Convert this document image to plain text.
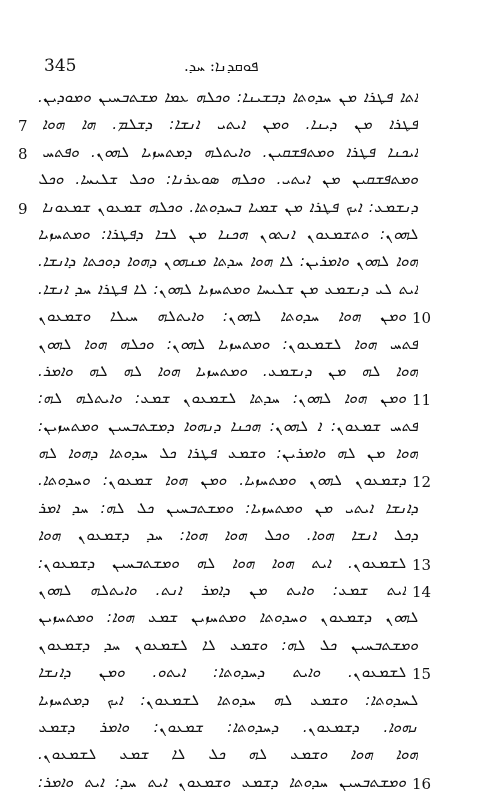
345	ܦܘܩܕܢܐ: ܚܕ.
ܐܬܐ ܦܛܪܐ ܡܢ ܚܕܘܬܐ ܕܒܫܝܢܐ: ܘܟܠܗ ܥܡܐ ܡܫܬܒܚܝܢ ܘܡܘܕܝܢ.
7 ܦܛܪܐ ܡܢ ܕܝܢܐ. ܘܡܢ ܐܝܬܝ ܐܢܫܐ: ܕܫܠܡ. ܗܐ ܗܘܐ
8 ܐܝܟܢܐ ܦܛܪܐ ܘܡܬܦܫܩܝܢ. ܘܐܝܬܠܗ ܕܡܬܚܙܝܐ ܠܗܘܢ. ܘܦܬܚ
ܘܡܬܦܫܩܝܢ ܡܢ ܐܝܬܝ. ܘܟܠܗ ܣܘܥܪܢܐ: ܘܟܠ ܫܠܝܚܐ. ܘܟܠ
9 ܕܢܫܡܥ: ܐܝܟ ܦܛܪܐ ܡܢ ܫܡܝܐ ܒܚܕܘܬܐ. ܘܟܠܗ ܫܡܥܘܢ ܫܡܥܘܢܐ
ܠܗܘܢ: ܘܬܫܡܥܘܢ ܐܢܬܘܢ ܗܟܢܐ ܡܢ ܠܒܐ ܕܦܛܪܐ: ܘܡܬܚܙܝܐ
ܗܘܐ ܠܗܘܢ ܘܐܡܪܝܢ: ܠܐ ܗܘܐ ܚܕܬܐ ܡܢܗܘܢ ܕܗܘܐ ܕܘܟܬܐ ܕܐܢܫܐ.
ܐܝܬ ܠܝ ܕܢܫܡܥ ܡܢ ܫܠܝܚܐ ܘܡܬܚܙܝܐ ܠܗܘܢ: ܠܐ ܦܛܪܐ ܚܕ ܐܢܫܐ.
10
ܘܡܢ ܗܘܐ ܚܕܘܬܐ ܠܗܘܢ: ܘܐܝܬܠܗ ܚܝܠܐ ܘܫܡܥܘܢ
ܦܬܚ ܗܘܐ ܠܫܡܥܘܢ: ܘܡܬܚܙܝܐ ܠܗܘܢ: ܘܟܠܗ ܗܘܐ ܠܗܘܢ
ܗܘܐ ܠܗ ܡܢ ܕܢܫܡܥ. ܘܡܬܚܙܝܐ ܗܘܐ ܠܗ ܠܗ ܘܐܡܪ.
11
ܘܡܢ ܗܘܐ ܠܗܘܢ: ܚܕܬܐ ܠܫܡܥܘܢ ܫܡܥ: ܘܐܝܬܠܗ ܠܗ:
ܦܬܚ ܫܡܥܘܢ: ܐ ܠܗܘܢ: ܗܟܢܐ ܕܢܗܘܐ ܕܡܫܬܒܚܝܢ ܘܡܬܚܙܝܢ:
ܗܘܐ ܡܢ ܠܗ ܘܐܡܪܝܢ: ܘܫܡܥ ܦܛܪܐ ܟܠ ܚܕܘܬܐ ܕܗܘܐ ܠܗ
12
ܕܫܡܥܘܢ ܠܗܘܢ ܘܡܬܚܙܝܐ. ܘܡܢ ܗܘܐ ܫܡܥܘܢ: ܘܚܕܘܬܐ.
ܕܐܢܫܐ ܐܝܬܝ ܡܢ ܘܡܬܚܙܝܐ: ܘܡܫܬܒܚܝܢ ܟܠ ܠܗ: ܚܕ ܐܡܪ
ܕܟܠ ܐܢܫܐ ܗܘܐ. ܘܟܠ ܗܘܐ ܗܘܐ: ܚܕ ܕܫܡܥܘܢ ܗܘܐ
13
ܠܫܡܥܘܢ. ܐܝܬ ܗܘܐ ܗܘܐ ܠܗ ܘܡܫܬܒܚܝܢ ܕܫܡܥܘܢ:
14
ܐܝܬ ܫܡܥ: ܘܐܝܬ ܡܢ ܕܐܡܪ ܐܢܬ. ܘܐܝܬܠܗ ܠܗܘܢ
ܠܗܘܢ ܕܫܡܥܘܢ ܘܚܕܘܬܐ ܘܡܬܚܙܝܢ ܫܡܥ ܗܘܐ: ܘܡܬܚܙܝܢ
ܘܡܫܬܒܚܝܢ ܟܠ ܠܗ: ܘܫܡܥ ܠܐ ܠܫܡܥܘܢ ܚܕ ܕܫܡܥܘܢ
15
ܠܫܡܥܘܢ. ܘܐܝܬ ܕܚܕܘܬܐ: ܐܝܬܘ. ܘܡܢ ܕܐܢܫܐ
ܠܚܕܘܬܐ: ܘܫܡܥ ܠܗ ܚܕܘܬܐ ܠܫܡܥܘܢ: ܐܝܟ ܕܡܬܚܙܝܐ
ܢܗܘܐ. ܕܫܡܥܘܢ. ܕܚܕܘܬܐ: ܫܡܥܘܢ: ܘܐܡܪ ܕܫܡܥ
ܗܘܐ ܗܘܐ ܘܫܡܥ ܠܗ ܟܠ ܠܐ ܫܡܥ ܠܫܡܥܘܢ.
16
ܘܡܫܬܒܚܝܢ ܚܕܘܬܐ ܕܫܡܥ ܘܫܡܥܘܢ ܐܝܬ ܚܕ: ܐܝܬ ܘܐܡܪ:
